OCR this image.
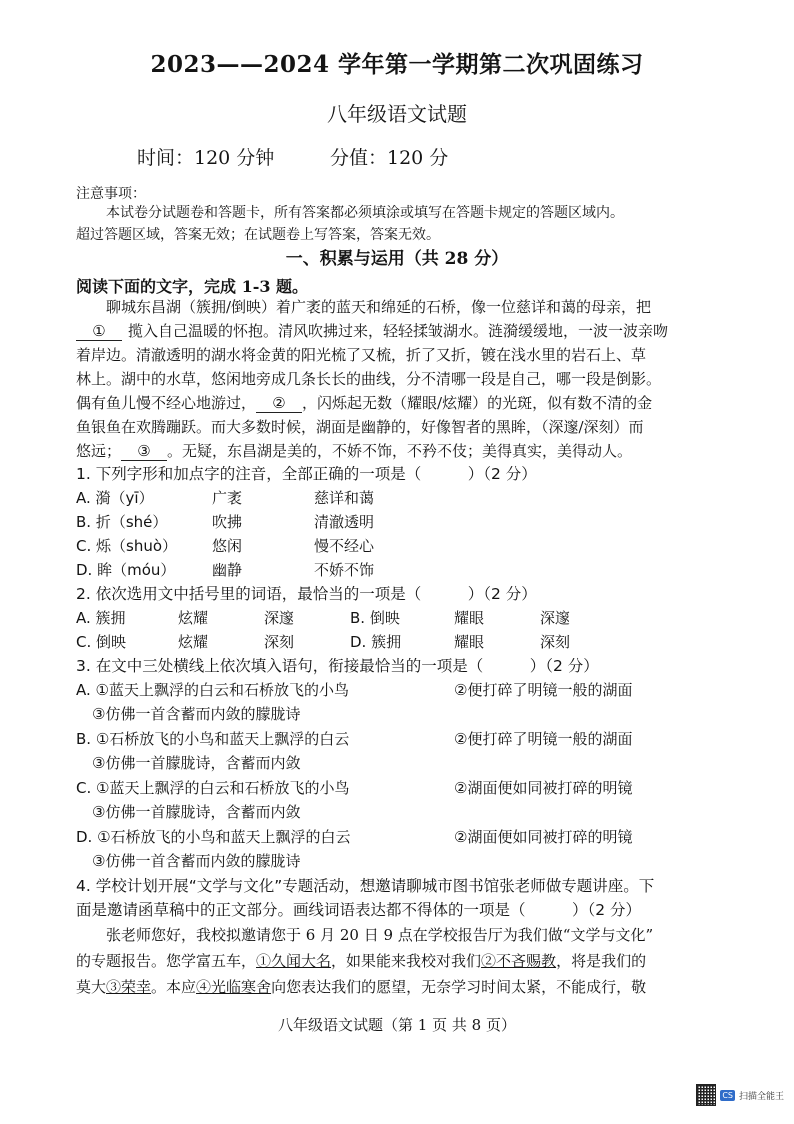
2023——2024 学年第一学期第二次巩固练习
八年级语文试题
时间：120 分钟	分值：120 分
注意事项：
本试卷分试题卷和答题卡，所有答案都必须填涂或填写在答题卡规定的答题区域内。
超过答题区域，答案无效；在试题卷上写答案，答案无效。
一、积累与运用（共 28 分）
阅读下面的文字，完成 1-3 题。
聊城东昌湖（簇拥/倒映）着广袤的蓝天和绵延的石桥，像一位慈详和蔼的母亲，把
① 揽入自己温暖的怀抱。清风吹拂过来，轻轻揉皱湖水。涟漪缓缓地，一波一波亲吻
着岸边。清澈透明的湖水将金黄的阳光梳了又梳，折了又折，镀在浅水里的岩石上、草
林上。湖中的水草，悠闲地旁成几条长长的曲线，分不清哪一段是自己，哪一段是倒影。
偶有鱼儿慢不经心地游过， ② ，闪烁起无数（耀眼/炫耀）的光斑，似有数不清的金
鱼银鱼在欢腾蹦跃。而大多数时候，湖面是幽静的，好像智者的黑眸，（深邃/深刻）而
悠远； ③ 。无疑，东昌湖是美的，不娇不饰，不矜不伎；美得真实，美得动人。
1. 下列字形和加点字的注音，全部正确的一项是（　　　）（2 分）
A. 漪（yī）	广袤	慈详和蔼
B. 折（shé）	吹拂	清澈透明
C. 烁（shuò） 悠闲	慢不经心
D. 眸（móu） 幽静	不娇不饰
2. 依次选用文中括号里的词语，最恰当的一项是（　　　）（2 分）
A. 簇拥	炫耀	深邃	B. 倒映	耀眼	深邃
C. 倒映	炫耀	深刻	D. 簇拥	耀眼	深刻
3. 在文中三处横线上依次填入语句，衔接最恰当的一项是（　　　）（2 分）
A. ①蓝天上飘浮的白云和石桥放飞的小鸟	②便打碎了明镜一般的湖面
③仿佛一首含蓄而内敛的朦胧诗
B. ①石桥放飞的小鸟和蓝天上飘浮的白云	②便打碎了明镜一般的湖面
③仿佛一首朦胧诗，含蓄而内敛
C. ①蓝天上飘浮的白云和石桥放飞的小鸟	②湖面便如同被打碎的明镜
③仿佛一首朦胧诗，含蓄而内敛
D. ①石桥放飞的小鸟和蓝天上飘浮的白云	②湖面便如同被打碎的明镜
③仿佛一首含蓄而内敛的朦胧诗
4. 学校计划开展“文学与文化”专题活动，想邀请聊城市图书馆张老师做专题讲座。下
面是邀请函草稿中的正文部分。画线词语表达都不得体的一项是（　　　）（2 分）
张老师您好，我校拟邀请您于 6 月 20 日 9 点在学校报告厅为我们做“文学与文化”
的专题报告。您学富五车，①久闻大名，如果能来我校对我们②不吝赐教，将是我们的
莫大③荣幸。本应④光临寒舍向您表达我们的愿望，无奈学习时间太紧，不能成行，敬
八年级语文试题（第 1 页 共 8 页）
CS 扫描全能王
